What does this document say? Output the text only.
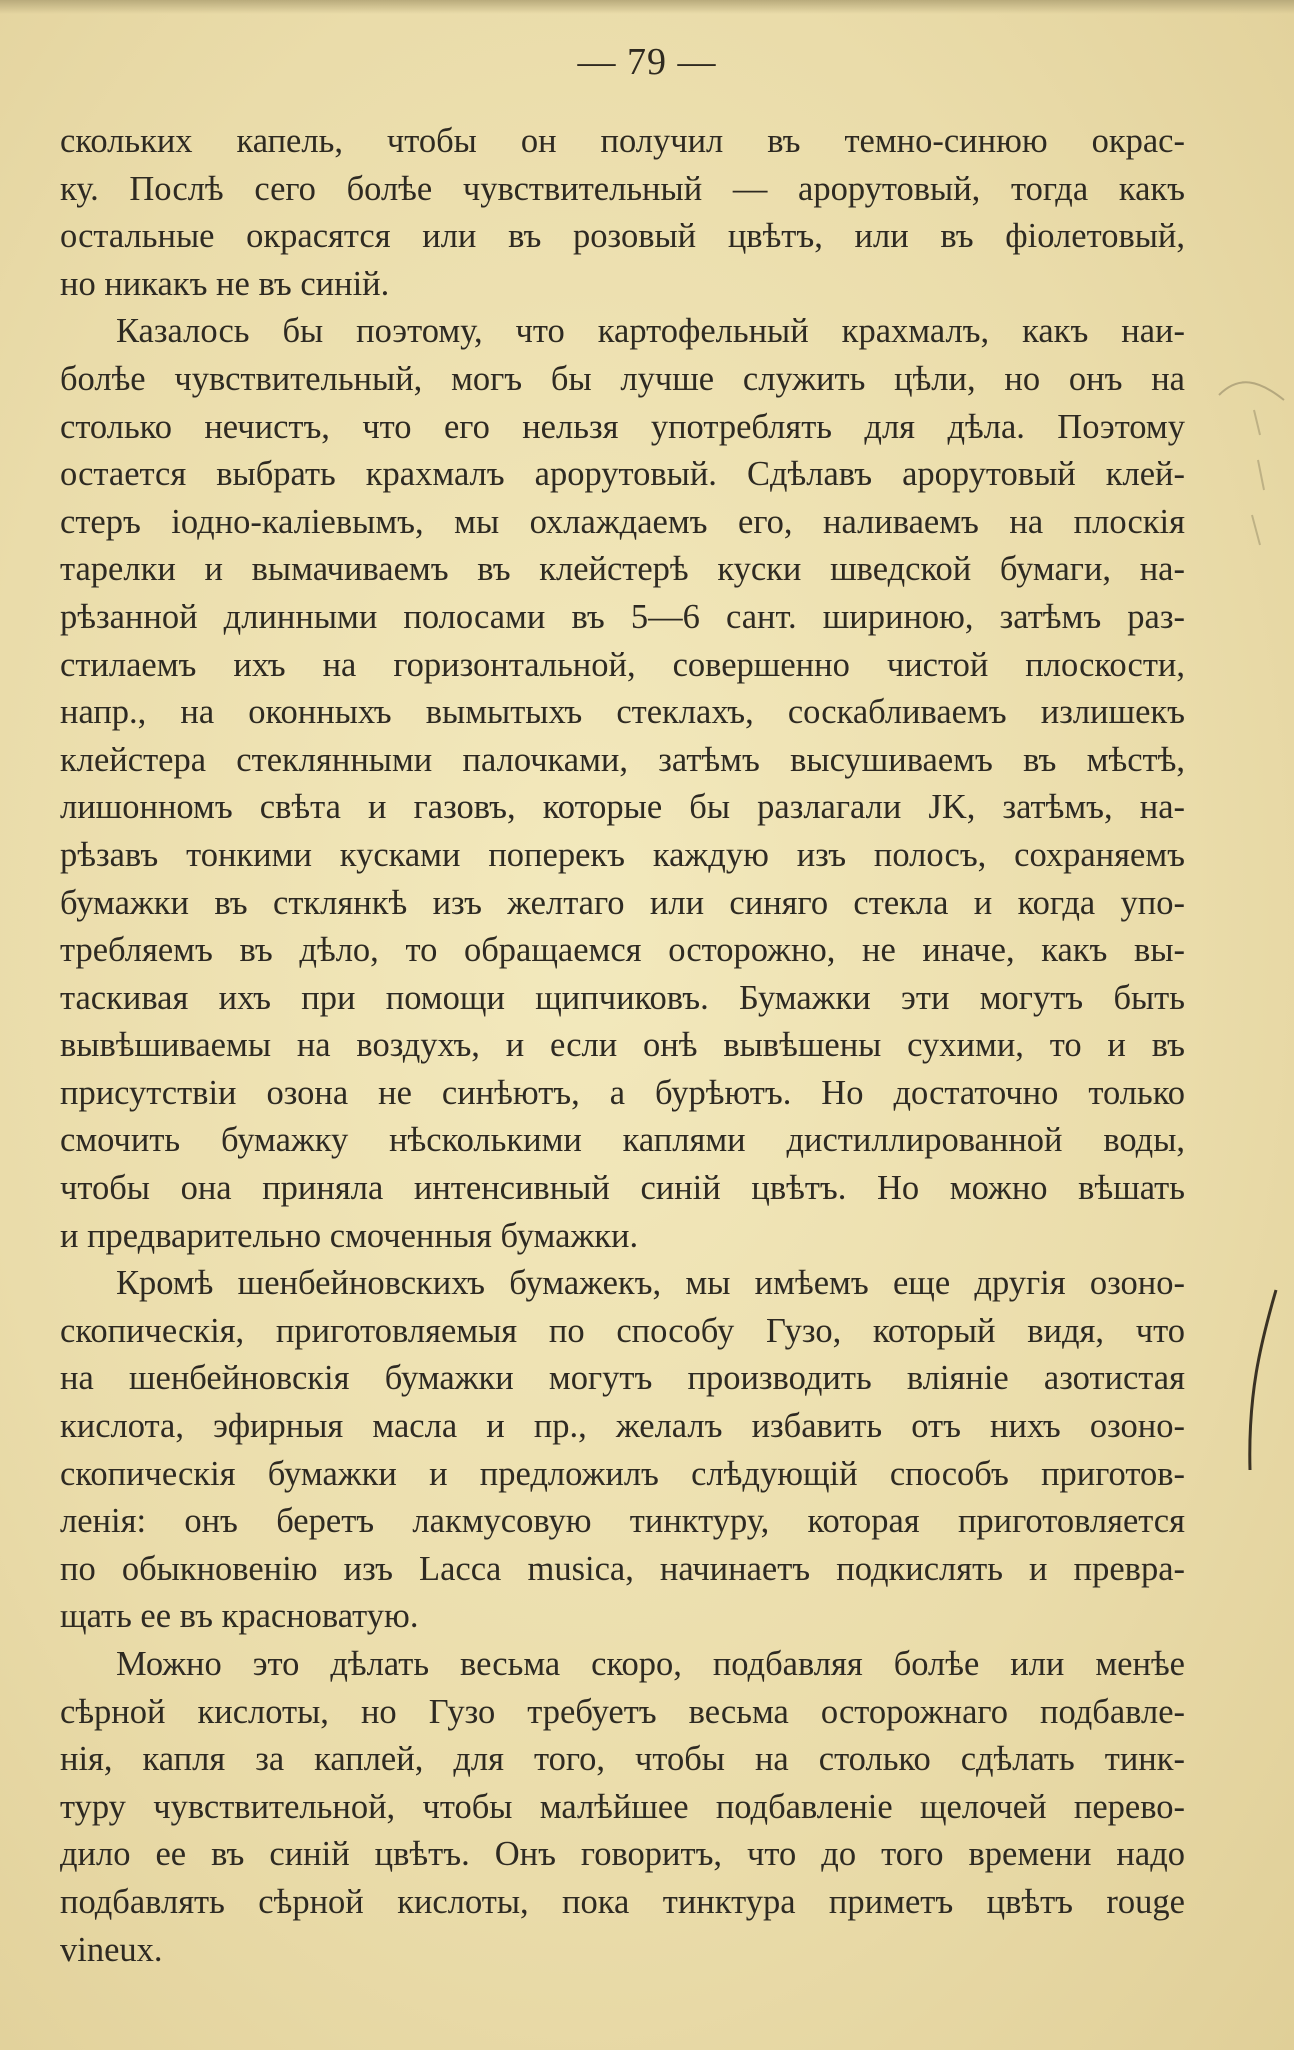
— 79 —

скольких капель, чтобы он получил въ темно-синюю окрас-

ку. Послѣ сего болѣе чувствительный — арорутовый, тогда какъ

остальные окрасятся или въ розовый цвѣтъ, или въ фіолетовый,

но никакъ не въ синій.

Казалось бы поэтому, что картофельный крахмалъ, какъ наи-

болѣе чувствительный, могъ бы лучше служить цѣли, но онъ на

столько нечистъ, что его нельзя употреблять для дѣла. Поэтому

остается выбрать крахмалъ арорутовый. Сдѣлавъ арорутовый клей-

стеръ іодно-каліевымъ, мы охлаждаемъ его, наливаемъ на плоскія

тарелки и вымачиваемъ въ клейстерѣ куски шведской бумаги, на-

рѣзанной длинными полосами въ 5—6 сант. шириною, затѣмъ раз-

стилаемъ ихъ на горизонтальной, совершенно чистой плоскости,

напр., на оконныхъ вымытыхъ стеклахъ, соскабливаемъ излишекъ

клейстера стеклянными палочками, затѣмъ высушиваемъ въ мѣстѣ,

лишонномъ свѣта и газовъ, которые бы разлагали JK, затѣмъ, на-

рѣзавъ тонкими кусками поперекъ каждую изъ полосъ, сохраняемъ

бумажки въ стклянкѣ изъ желтаго или синяго стекла и когда упо-

требляемъ въ дѣло, то обращаемся осторожно, не иначе, какъ вы-

таскивая ихъ при помощи щипчиковъ. Бумажки эти могутъ быть

вывѣшиваемы на воздухъ, и если онѣ вывѣшены сухими, то и въ

присутствіи озона не синѣютъ, а бурѣютъ. Но достаточно только

смочить бумажку нѣсколькими каплями дистиллированной воды,

чтобы она приняла интенсивный синій цвѣтъ. Но можно вѣшать

и предварительно смоченныя бумажки.

Кромѣ шенбейновскихъ бумажекъ, мы имѣемъ еще другія озоно-

скопическія, приготовляемыя по способу Гузо, который видя, что

на шенбейновскія бумажки могутъ производить вліяніе азотистая

кислота, эфирныя масла и пр., желалъ избавить отъ нихъ озоно-

скопическія бумажки и предложилъ слѣдующій способъ приготов-

ленія: онъ беретъ лакмусовую тинктуру, которая приготовляется

по обыкновенію изъ Lacca musica, начинаетъ подкислять и превра-

щать ее въ красноватую.

Можно это дѣлать весьма скоро, подбавляя болѣе или менѣе

сѣрной кислоты, но Гузо требуетъ весьма осторожнаго подбавле-

нія, капля за каплей, для того, чтобы на столько сдѣлать тинк-

туру чувствительной, чтобы малѣйшее подбавленіе щелочей перево-

дило ее въ синій цвѣтъ. Онъ говоритъ, что до того времени надо

подбавлять сѣрной кислоты, пока тинктура приметъ цвѣтъ rouge

vineux.
